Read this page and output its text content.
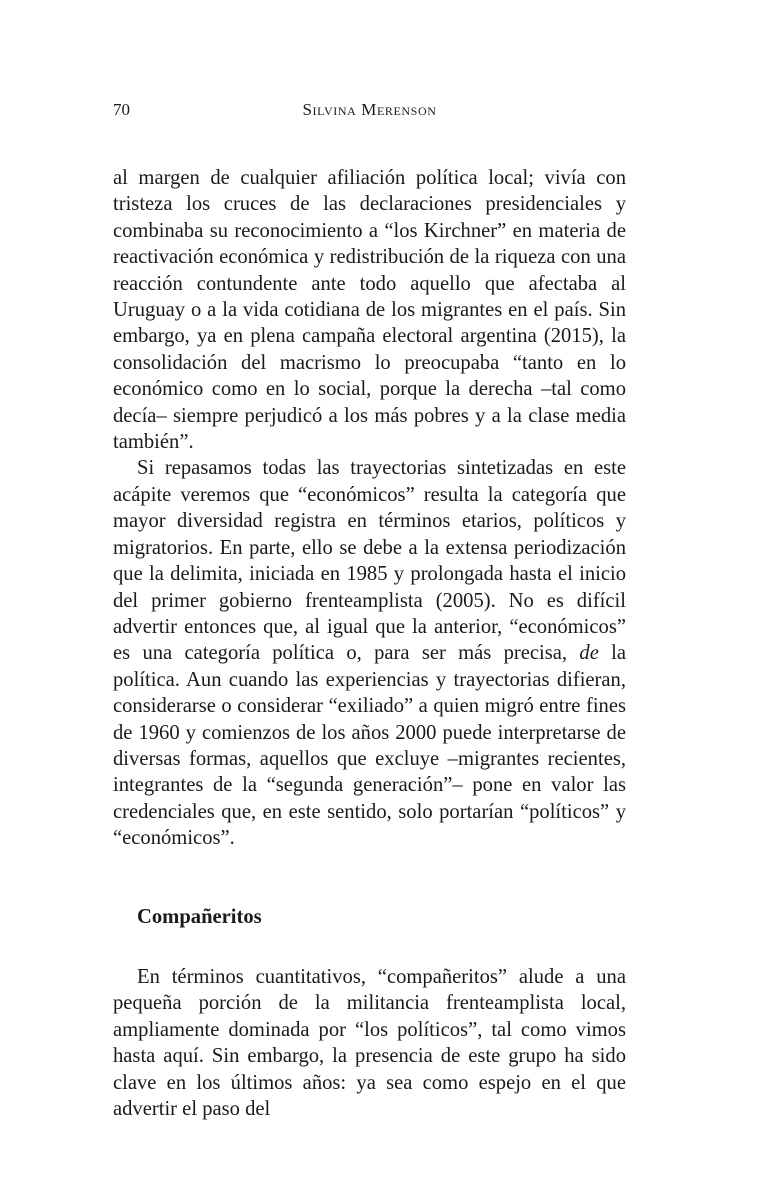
70	Silvina Merenson

al margen de cualquier afiliación política local; vivía con tristeza los cruces de las declaraciones presidenciales y combinaba su reconocimiento a “los Kirchner” en materia de reactivación económica y redistribución de la riqueza con una reacción contundente ante todo aquello que afectaba al Uruguay o a la vida cotidiana de los migrantes en el país. Sin embargo, ya en plena campaña electoral argentina (2015), la consolidación del macrismo lo preocupaba “tanto en lo económico como en lo social, porque la derecha –tal como decía– siempre perjudicó a los más pobres y a la clase media también”.

Si repasamos todas las trayectorias sintetizadas en este acápite veremos que “económicos” resulta la categoría que mayor diversidad registra en términos etarios, políticos y migratorios. En parte, ello se debe a la extensa periodización que la delimita, iniciada en 1985 y prolongada hasta el inicio del primer gobierno frenteamplista (2005). No es difícil advertir entonces que, al igual que la anterior, “económicos” es una categoría política o, para ser más precisa, de la política. Aun cuando las experiencias y trayectorias difieran, considerarse o considerar “exiliado” a quien migró entre fines de 1960 y comienzos de los años 2000 puede interpretarse de diversas formas, aquellos que excluye –migrantes recientes, integrantes de la “segunda generación”– pone en valor las credenciales que, en este sentido, solo portarían “políticos” y “económicos”.

Compañeritos

En términos cuantitativos, “compañeritos” alude a una pequeña porción de la militancia frenteamplista local, ampliamente dominada por “los políticos”, tal como vimos hasta aquí. Sin embargo, la presencia de este grupo ha sido clave en los últimos años: ya sea como espejo en el que advertir el paso del
